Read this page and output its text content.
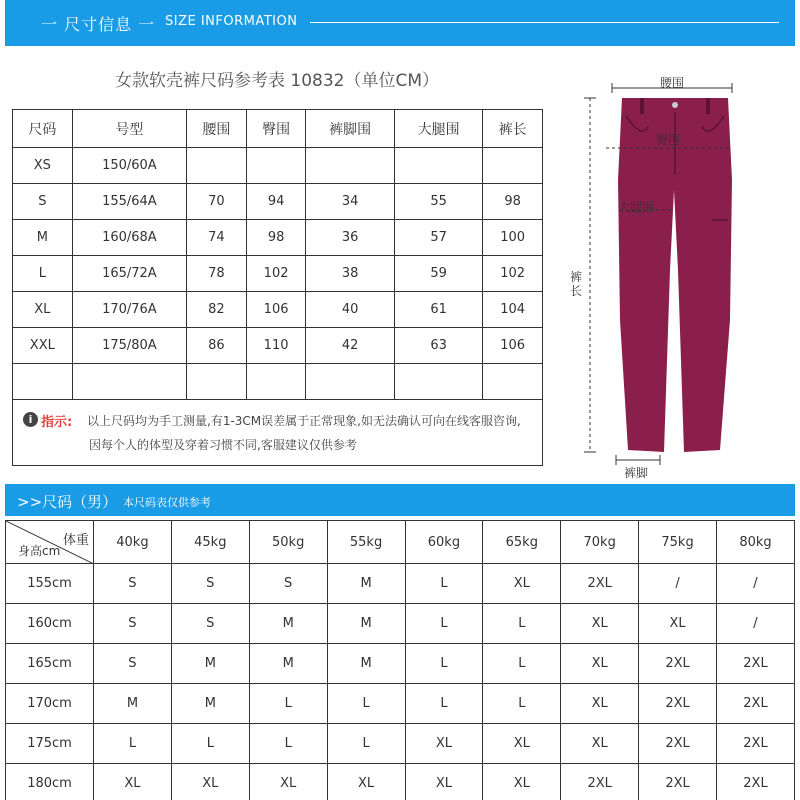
一 尺寸信息 一 SIZE INFORMATION
女款软壳裤尺码参考表 10832（单位CM）
尺码	号型	腰围	臀围	裤脚围	大腿围	裤长
XS	150/60A					
S	155/64A	70	94	34	55	98
M	160/68A	74	98	36	57	100
L	165/72A	78	102	38	59	102
XL	170/76A	82	106	40	61	104
XXL	175/80A	86	110	42	63	106

i 指示: 以上尺码均为手工测量,有1-3CM误差属于正常现象,如无法确认可向在线客服咨询,
因每个人的体型及穿着习惯不同,客服建议仅供参考
腰围
臀围
大腿围
裤长
裤脚
>>尺码（男） 本尺码表仅供参考
体重
身高cm	40kg	45kg	50kg	55kg	60kg	65kg	70kg	75kg	80kg
155cm	S	S	S	M	L	XL	2XL	/	/
160cm	S	S	M	M	L	L	XL	XL	/
165cm	S	M	M	M	L	L	XL	2XL	2XL
170cm	M	M	L	L	L	L	XL	2XL	2XL
175cm	L	L	L	L	XL	XL	XL	2XL	2XL
180cm	XL	XL	XL	XL	XL	XL	2XL	2XL	2XL
